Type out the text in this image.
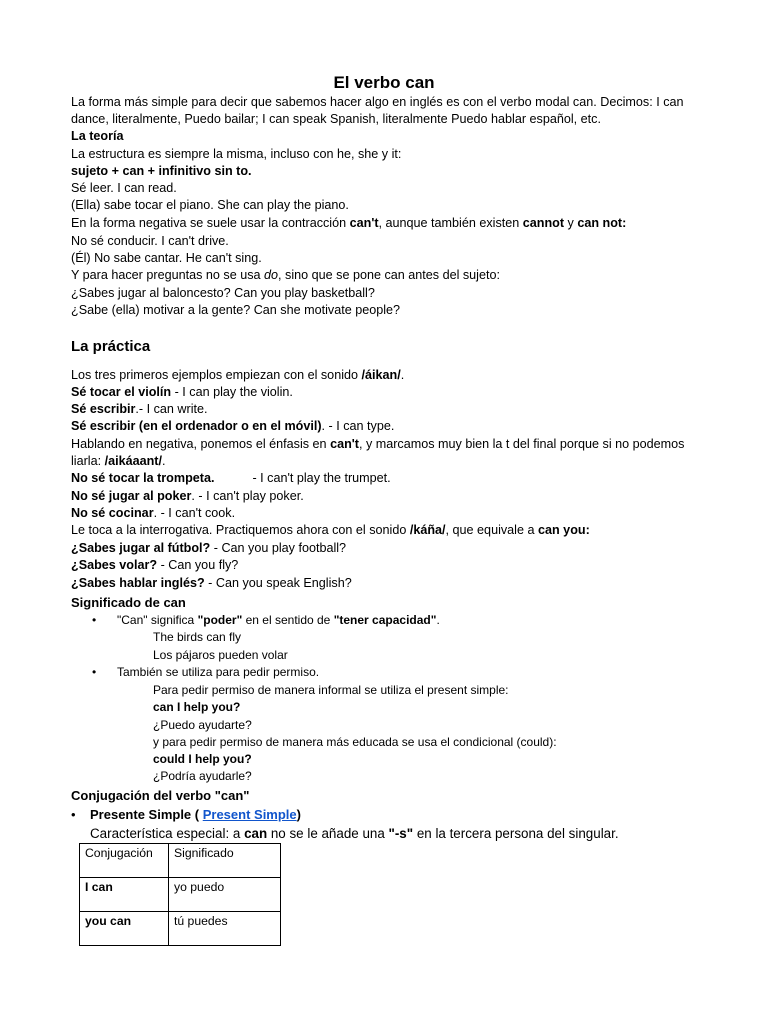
El verbo can
La forma más simple para decir que sabemos hacer algo en inglés es con el verbo modal can. Decimos: I can
dance, literalmente, Puedo bailar; I can speak Spanish, literalmente Puedo hablar español, etc.
La teoría
La estructura es siempre la misma, incluso con he, she y it:
sujeto + can + infinitivo sin to.
Sé leer. I can read.
(Ella) sabe tocar el piano. She can play the piano.
En la forma negativa se suele usar la contracción can't, aunque también existen cannot y can not:
No sé conducir. I can't drive.
(Él) No sabe cantar. He can't sing.
Y para hacer preguntas no se usa do, sino que se pone can antes del sujeto:
¿Sabes jugar al baloncesto? Can you play basketball?
¿Sabe (ella) motivar a la gente? Can she motivate people?
La práctica
Los tres primeros ejemplos empiezan con el sonido /áikan/.
Sé tocar el violín - I can play the violin.
Sé escribir.- I can write.
Sé escribir (en el ordenador o en el móvil). - I can type.
Hablando en negativa, ponemos el énfasis en can't, y marcamos muy bien la t del final porque si no podemos
liarla: /aikáaant/.
No sé tocar la trompeta.	- I can't play the trumpet.
No sé jugar al poker. - I can't play poker.
No sé cocinar. - I can't cook.
Le toca a la interrogativa. Practiquemos ahora con el sonido /káña/, que equivale a can you:
¿Sabes jugar al fútbol? - Can you play football?
¿Sabes volar? - Can you fly?
¿Sabes hablar inglés? - Can you speak English?
Significado de can
• "Can" significa "poder" en el sentido de "tener capacidad".
The birds can fly
Los pájaros pueden volar
• También se utiliza para pedir permiso.
Para pedir permiso de manera informal se utiliza el present simple:
can I help you?
¿Puedo ayudarte?
y para pedir permiso de manera más educada se usa el condicional (could):
could I help you?
¿Podría ayudarle?
Conjugación del verbo "can"
• Presente Simple ( Present Simple)
Característica especial: a can no se le añade una "-s" en la tercera persona del singular.
Conjugación	Significado
I can	yo puedo
you can	tú puedes
